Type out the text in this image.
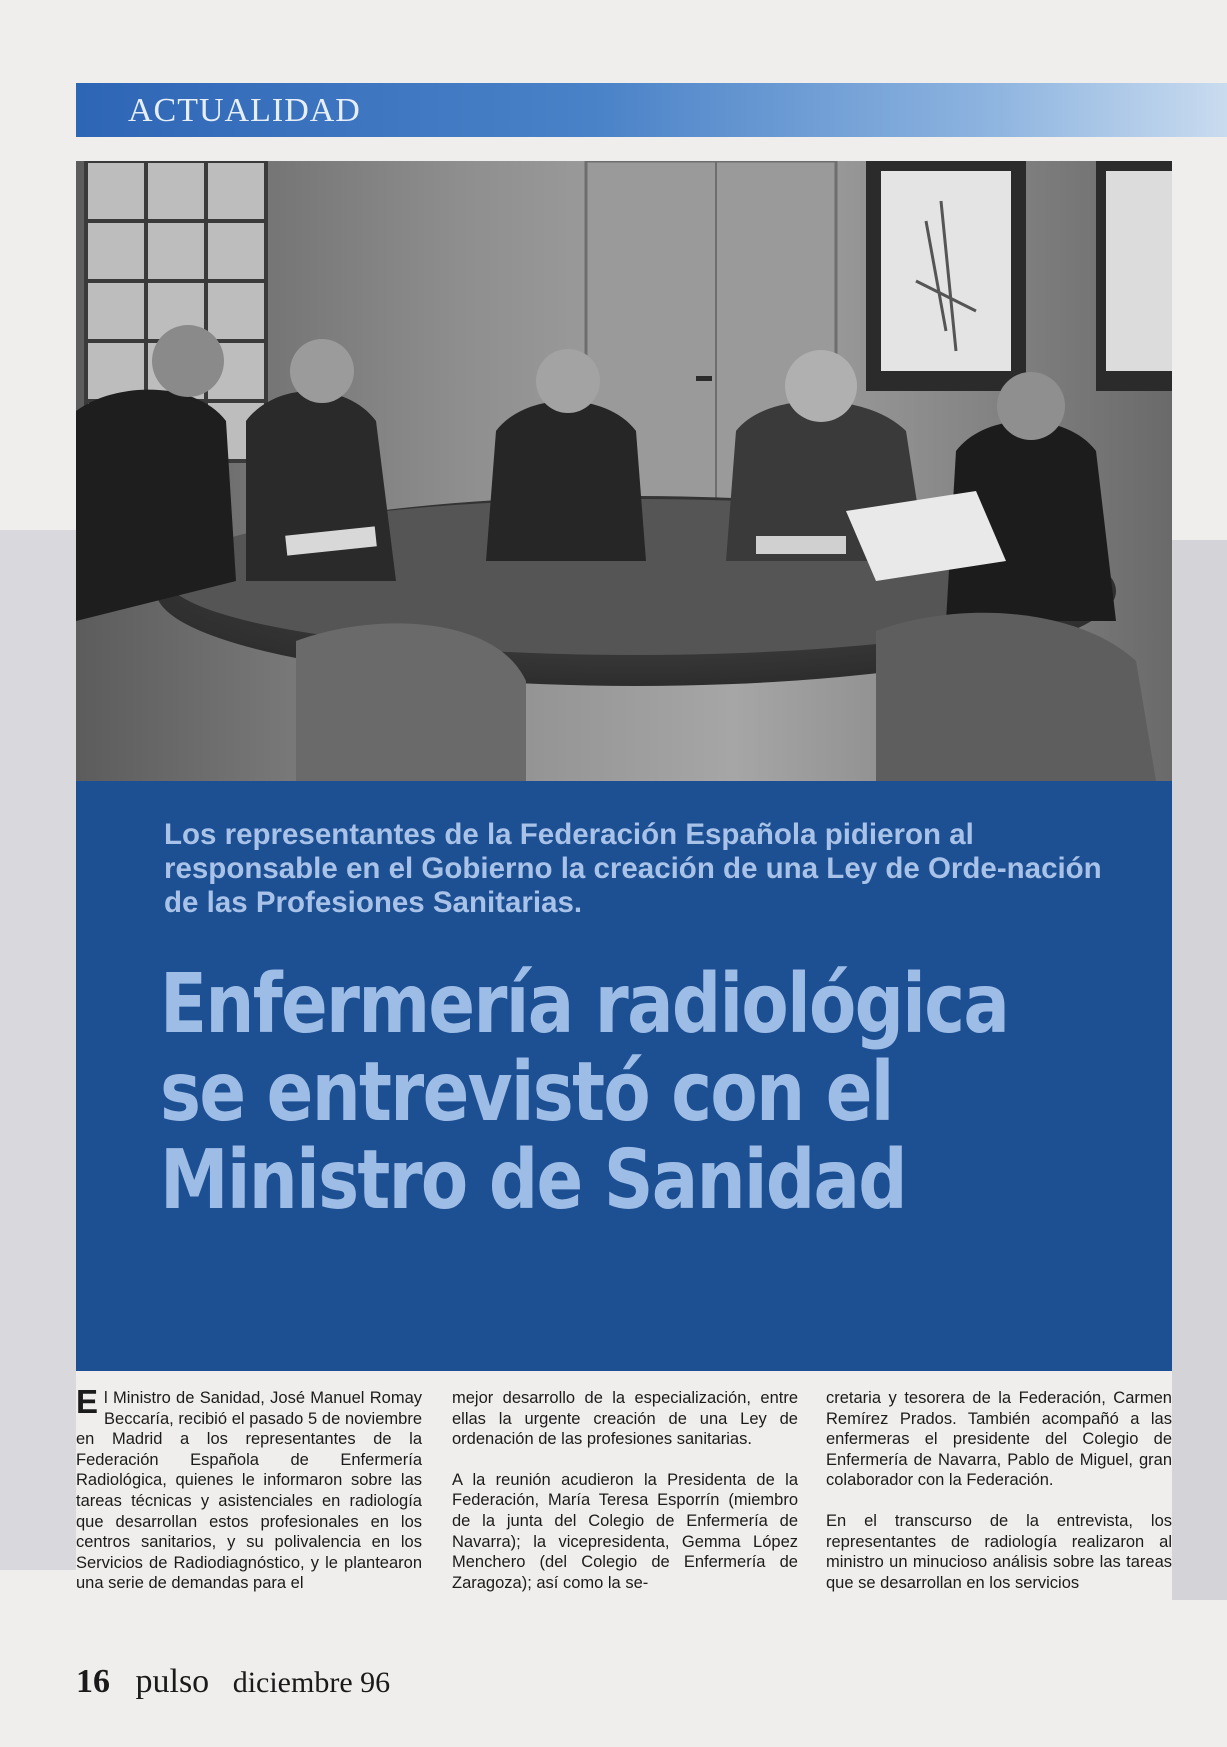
ACTUALIDAD
Los representantes de la Federación Española pidieron al responsable en el Gobierno la creación de una Ley de Orde-nación de las Profesiones Sanitarias.
Enfermería radiológica
se entrevistó con el
Ministro de Sanidad

El Ministro de Sanidad, José Manuel Romay Beccaría, recibió el pasado 5 de noviembre en Madrid a los representantes de la Federación Española de Enfermería Radiológica, quienes le informaron sobre las tareas técnicas y asistenciales en radiología que desarrollan estos profesionales en los centros sanitarios, y su polivalencia en los Servicios de Radiodiagnóstico, y le plantearon una serie de demandas para el

mejor desarrollo de la especialización, entre ellas la urgente creación de una Ley de ordenación de las profesiones sanitarias.

A la reunión acudieron la Presidenta de la Federación, María Teresa Esporrín (miembro de la junta del Colegio de Enfermería de Navarra); la vicepresidenta, Gemma López Menchero (del Colegio de Enfermería de Zaragoza); así como la se-

cretaria y tesorera de la Federación, Carmen Remírez Prados. También acompañó a las enfermeras el presidente del Colegio de Enfermería de Navarra, Pablo de Miguel, gran colaborador con la Federación.

En el transcurso de la entrevista, los representantes de radiología realizaron al ministro un minucioso análisis sobre las tareas que se desarrollan en los servicios

16 pulso diciembre 96
